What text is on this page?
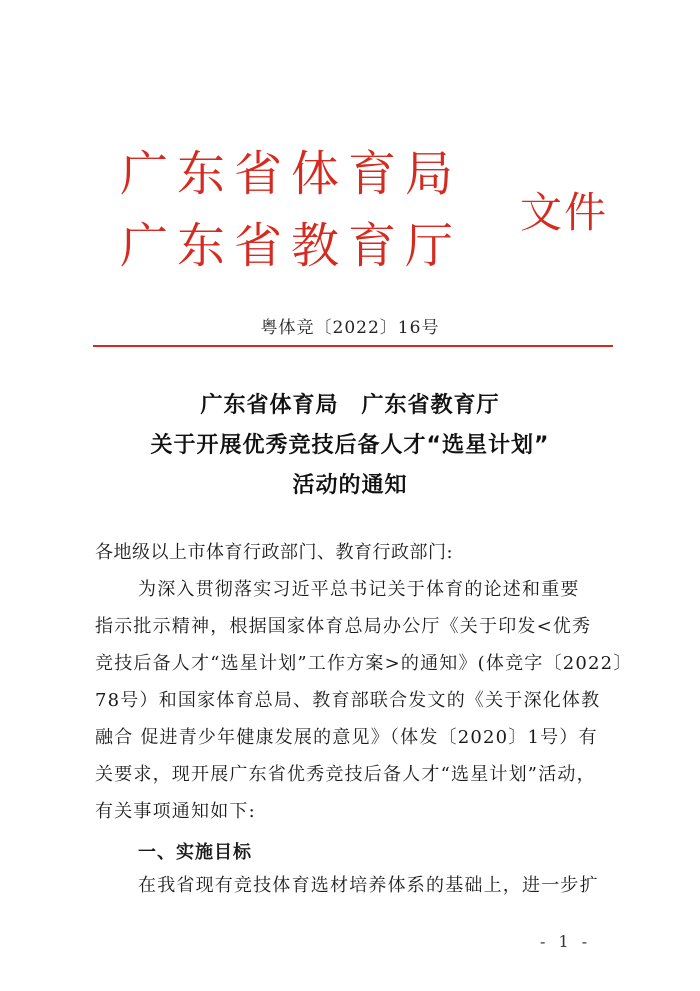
广东省体育局
广东省教育厅
文件
粤体竞〔2022〕16号
广东省体育局　广东省教育厅
关于开展优秀竞技后备人才“选星计划”
活动的通知
各地级以上市体育行政部门、教育行政部门:
为深入贯彻落实习近平总书记关于体育的论述和重要
指示批示精神，根据国家体育总局办公厅《关于印发<优秀
竞技后备人才“选星计划”工作方案>的通知》(体竞字〔2022〕
78号）和国家体育总局、教育部联合发文的《关于深化体教
融合 促进青少年健康发展的意见》（体发〔2020〕1号）有
关要求，现开展广东省优秀竞技后备人才“选星计划”活动，
有关事项通知如下:
一、实施目标
在我省现有竞技体育选材培养体系的基础上，进一步扩
- 1 -
